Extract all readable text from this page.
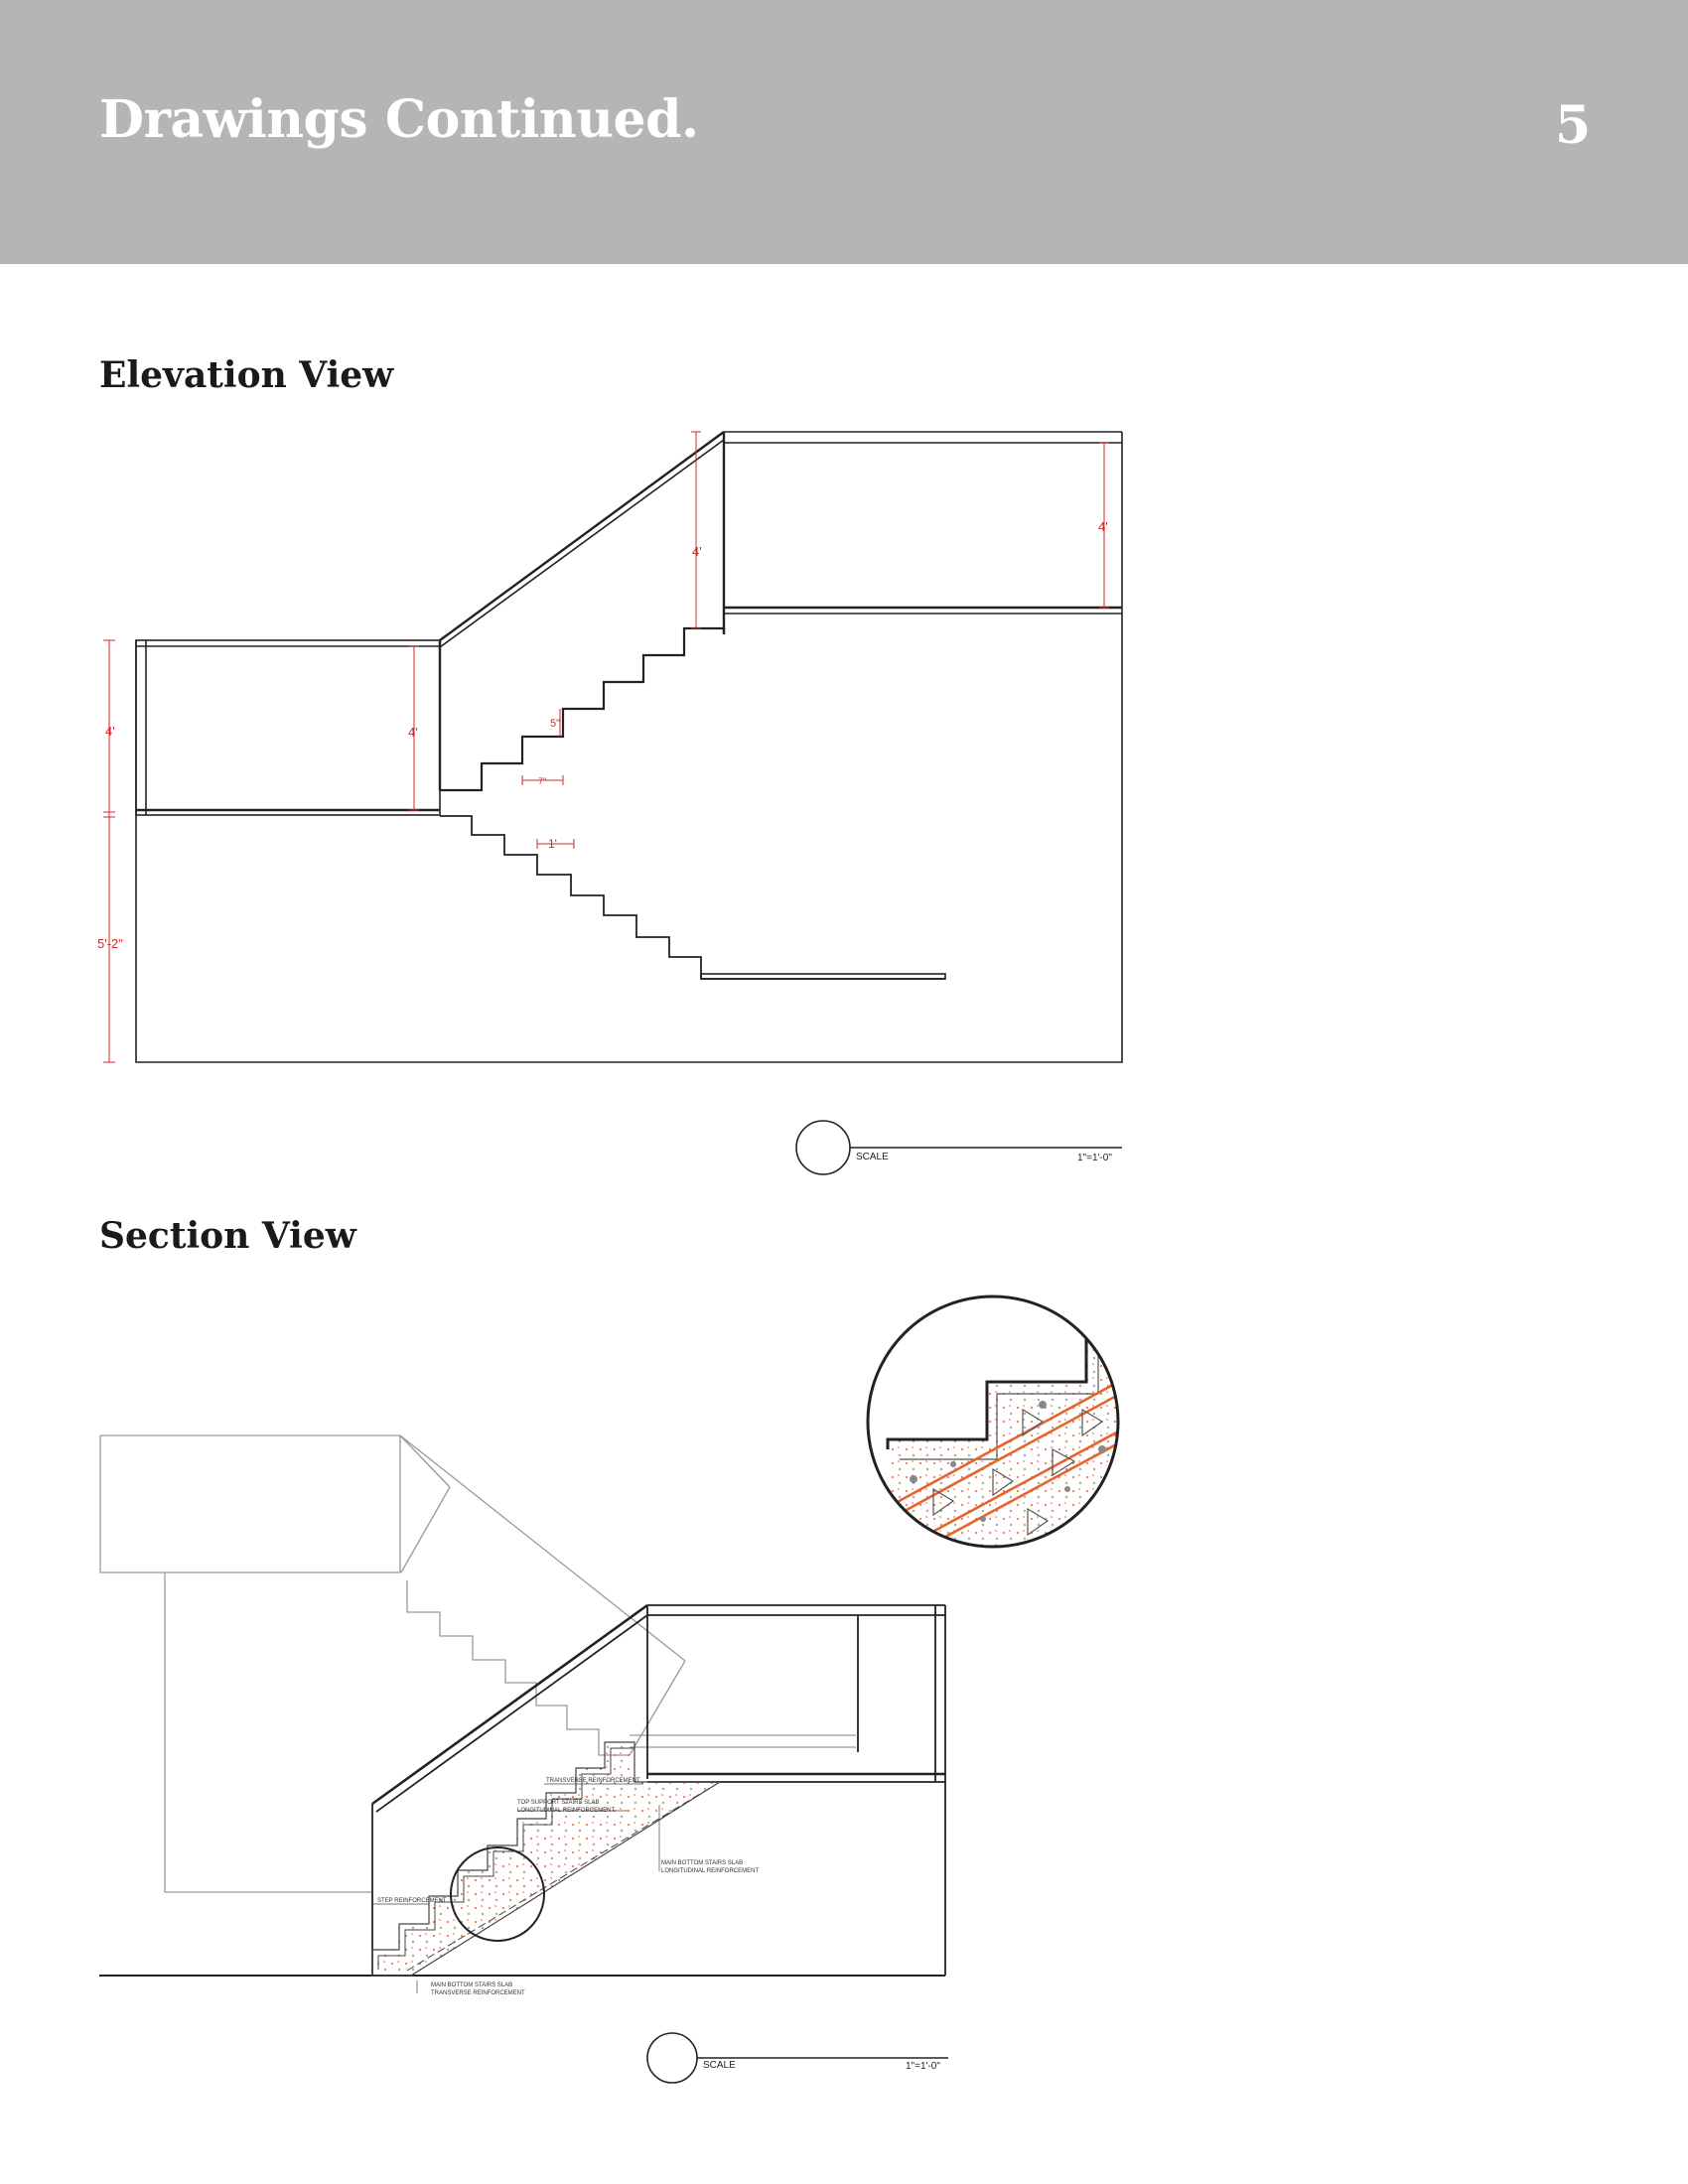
Drawings Continued.	5
Elevation View
4'
5'-2"
4'
4'
4'
5"
7"
1'
SCALE	1"=1'-0"
Section View
TRANSVERSE REINFORCEMENT
TOP SUPPORT STAIRS SLAB
LONGITUDINAL REINFORCEMENT
MAIN BOTTOM STAIRS SLAB
LONGITUDINAL REINFORCEMENT
STEP REINFORCEMENT
MAIN BOTTOM STAIRS SLAB
TRANSVERSE REINFORCEMENT
SCALE	1"=1'-0"
